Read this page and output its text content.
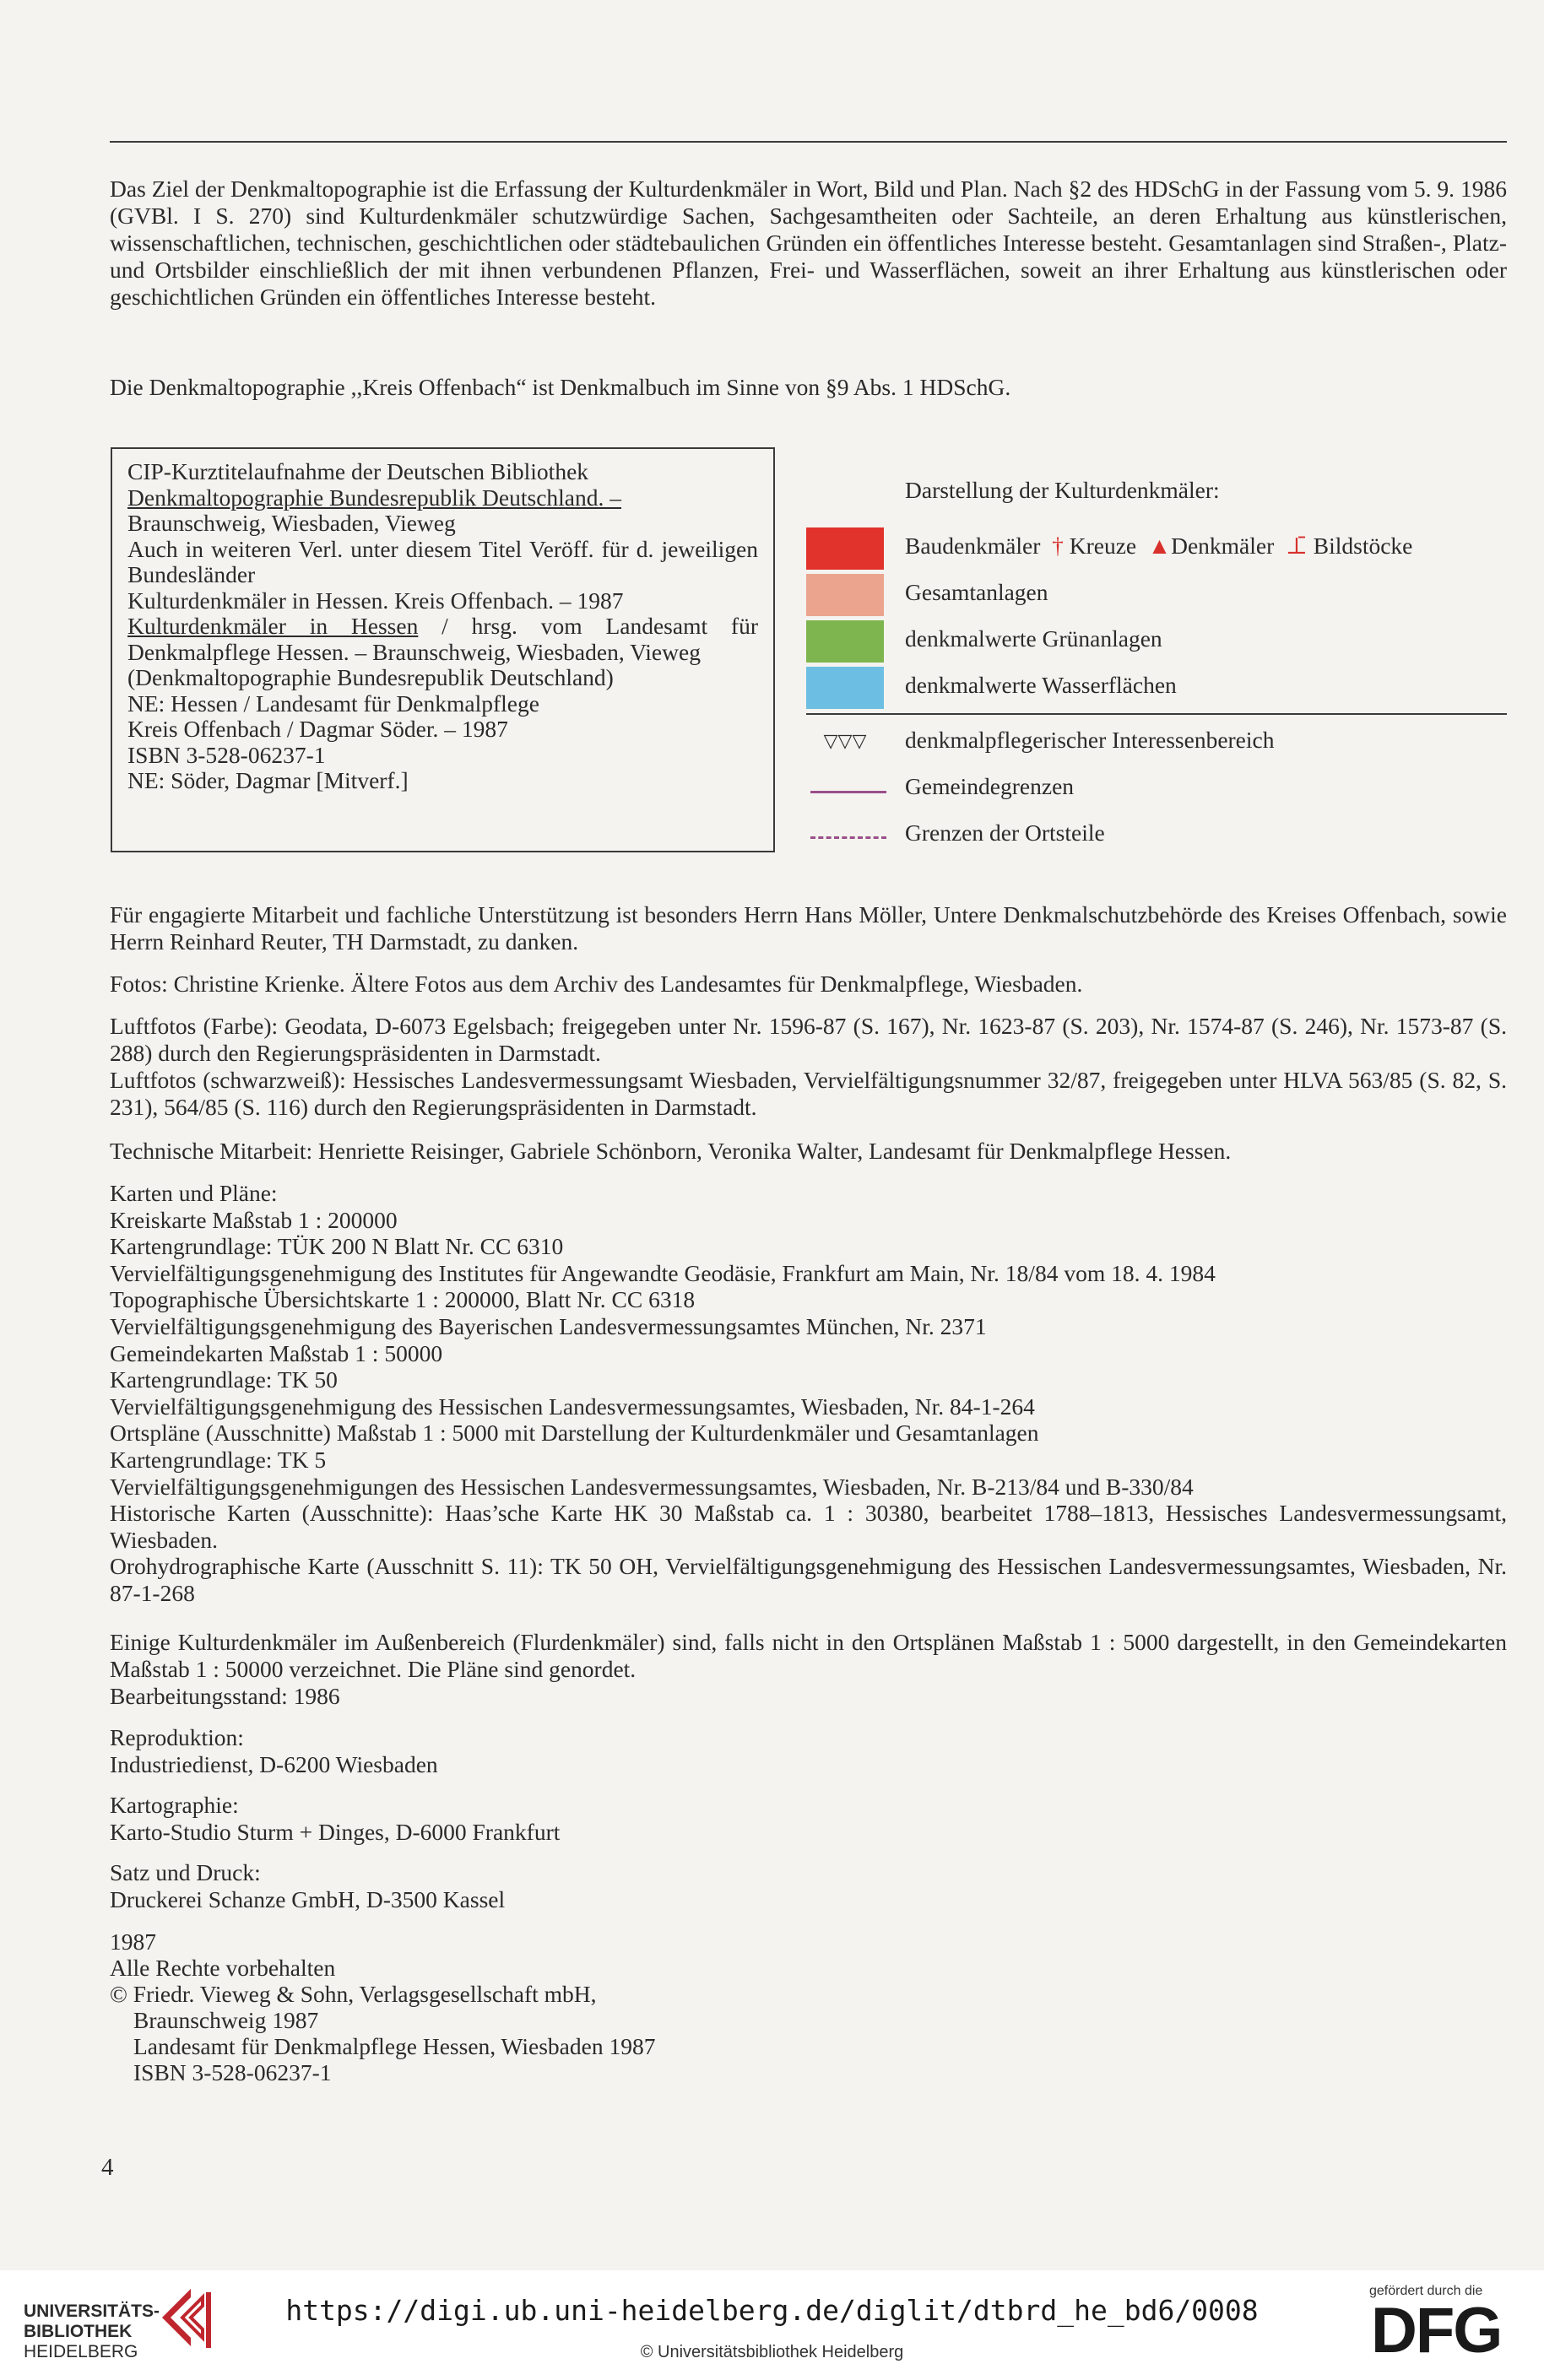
Das Ziel der Denkmaltopographie ist die Erfassung der Kulturdenkmäler in Wort, Bild und Plan. Nach §2 des HDSchG in der Fassung vom 5. 9. 1986 (GVBl. I S. 270) sind Kulturdenkmäler schutzwürdige Sachen, Sachgesamtheiten oder Sachteile, an deren Erhaltung aus künstlerischen, wissenschaftlichen, technischen, geschichtlichen oder städtebaulichen Gründen ein öffentliches Interesse besteht. Gesamtanlagen sind Straßen-, Platz- und Ortsbilder einschließlich der mit ihnen verbundenen Pflanzen, Frei- und Wasserflächen, soweit an ihrer Erhaltung aus künstlerischen oder geschichtlichen Gründen ein öffentliches Interesse besteht.

Die Denkmaltopographie ,,Kreis Offenbach“ ist Denkmalbuch im Sinne von §9 Abs. 1 HDSchG.

CIP-Kurztitelaufnahme der Deutschen Bibliothek
Denkmaltopographie Bundesrepublik Deutschland. –
Braunschweig, Wiesbaden, Vieweg
Auch in weiteren Verl. unter diesem Titel Veröff. für d. jeweiligen Bundesländer
Kulturdenkmäler in Hessen. Kreis Offenbach. – 1987
Kulturdenkmäler in Hessen / hrsg. vom Landesamt für Denkmalpflege Hessen. – Braunschweig, Wiesbaden, Vieweg
(Denkmaltopographie Bundesrepublik Deutschland)
NE: Hessen / Landesamt für Denkmalpflege
Kreis Offenbach / Dagmar Söder. – 1987
ISBN 3-528-06237-1
NE: Söder, Dagmar [Mitverf.]
Darstellung der Kulturdenkmäler:
Baudenkmäler  † Kreuze  ▲Denkmäler  ⊥̄ Bildstöcke
Gesamtanlagen
denkmalwerte Grünanlagen
denkmalwerte Wasserflächen
▽▽▽	denkmalpflegerischer Interessenbereich
Gemeindegrenzen
Grenzen der Ortsteile

Für engagierte Mitarbeit und fachliche Unterstützung ist besonders Herrn Hans Möller, Untere Denkmalschutzbehörde des Kreises Offenbach, sowie Herrn Reinhard Reuter, TH Darmstadt, zu danken.

Fotos: Christine Krienke. Ältere Fotos aus dem Archiv des Landesamtes für Denkmalpflege, Wiesbaden.

Luftfotos (Farbe): Geodata, D-6073 Egelsbach; freigegeben unter Nr. 1596-87 (S. 167), Nr. 1623-87 (S. 203), Nr. 1574-87 (S. 246), Nr. 1573-87 (S. 288) durch den Regierungspräsidenten in Darmstadt.

Luftfotos (schwarzweiß): Hessisches Landesvermessungsamt Wiesbaden, Vervielfältigungsnummer 32/87, freigegeben unter HLVA 563/85 (S. 82, S. 231), 564/85 (S. 116) durch den Regierungspräsidenten in Darmstadt.

Technische Mitarbeit: Henriette Reisinger, Gabriele Schönborn, Veronika Walter, Landesamt für Denkmalpflege Hessen.

Karten und Pläne:
Kreiskarte Maßstab 1 : 200000
Kartengrundlage: TÜK 200 N Blatt Nr. CC 6310
Vervielfältigungsgenehmigung des Institutes für Angewandte Geodäsie, Frankfurt am Main, Nr. 18/84 vom 18. 4. 1984
Topographische Übersichtskarte 1 : 200000, Blatt Nr. CC 6318
Vervielfältigungsgenehmigung des Bayerischen Landesvermessungsamtes München, Nr. 2371
Gemeindekarten Maßstab 1 : 50000
Kartengrundlage: TK 50
Vervielfältigungsgenehmigung des Hessischen Landesvermessungsamtes, Wiesbaden, Nr. 84-1-264
Ortspläne (Ausschnitte) Maßstab 1 : 5000 mit Darstellung der Kulturdenkmäler und Gesamtanlagen
Kartengrundlage: TK 5
Vervielfältigungsgenehmigungen des Hessischen Landesvermessungsamtes, Wiesbaden, Nr. B-213/84 und B-330/84
Historische Karten (Ausschnitte): Haas’sche Karte HK 30 Maßstab ca. 1 : 30380, bearbeitet 1788–1813, Hessisches Landesvermessungsamt, Wiesbaden.
Orohydrographische Karte (Ausschnitt S. 11): TK 50 OH, Vervielfältigungsgenehmigung des Hessischen Landesvermessungsamtes, Wiesbaden, Nr. 87-1-268

Einige Kulturdenkmäler im Außenbereich (Flurdenkmäler) sind, falls nicht in den Ortsplänen Maßstab 1 : 5000 dargestellt, in den Gemeindekarten Maßstab 1 : 50000 verzeichnet. Die Pläne sind genordet.

Bearbeitungsstand: 1986

Reproduktion:
Industriedienst, D-6200 Wiesbaden
Kartographie:
Karto-Studio Sturm + Dinges, D-6000 Frankfurt
Satz und Druck:
Druckerei Schanze GmbH, D-3500 Kassel
1987
Alle Rechte vorbehalten
© Friedr. Vieweg & Sohn, Verlagsgesellschaft mbH,
Braunschweig 1987
Landesamt für Denkmalpflege Hessen, Wiesbaden 1987
ISBN 3-528-06237-1
4
UNIVERSITÄTS-
BIBLIOTHEK
HEIDELBERG
https://digi.ub.uni-heidelberg.de/diglit/dtbrd_he_bd6/0008
© Universitätsbibliothek Heidelberg
gefördert durch die
DFG
